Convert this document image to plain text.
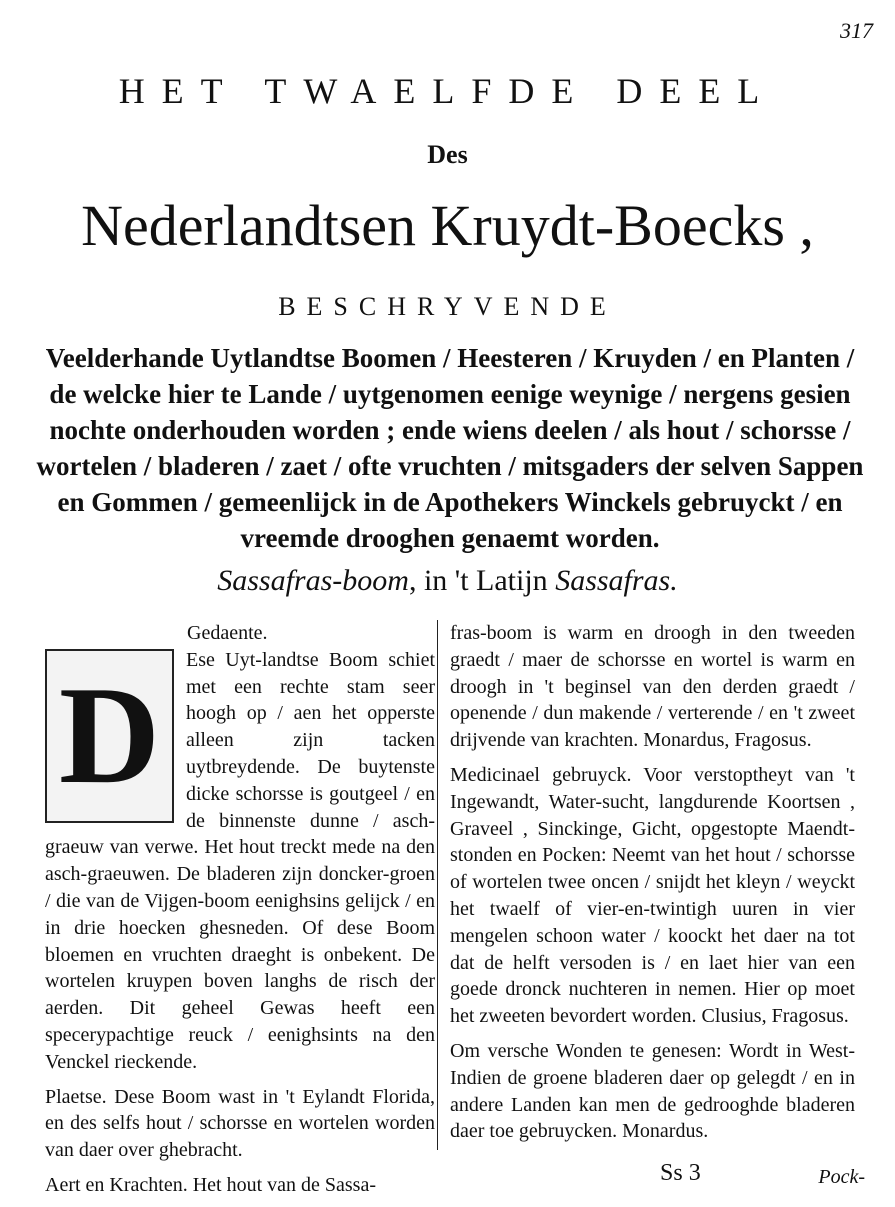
317
HET TWAELFDE DEEL
Des
Nederlandtsen Kruydt-Boecks ,
BESCHRYVENDE
Veelderhande Uytlandtse Boomen / Heesteren / Kruyden / en Planten / de welcke hier te Lande / uytgenomen eenige weynige / nergens gesien nochte onderhouden worden ; ende wiens deelen / als hout / schorsse / wortelen / bladeren / zaet / ofte vruchten / mitsgaders der selven Sappen en Gommen / gemeenlijck in de Apothekers Winckels gebruyckt / en vreemde drooghen genaemt worden.
Sassafras-boom, in 't Latijn Sassafras.
Gedaente.
D	Ese Uyt-landtse Boom schiet met een rechte stam seer hoogh op / aen het opperste alleen zijn tacken uytbreydende. De buytenste dicke schorsse is goutgeel / en de binnenste dunne / asch-graeuw van verwe. Het hout treckt mede na den asch-graeuwen. De bladeren zijn doncker-groen / die van de Vijgen-boom eenighsins gelijck / en in drie hoecken ghesneden. Of dese Boom bloemen en vruchten draeght is onbekent. De wortelen kruypen boven langhs de risch der aerden. Dit geheel Gewas heeft een specerypachtige reuck / eenighsints na den Venckel rieckende.

Plaetse. Dese Boom wast in 't Eylandt Florida, en des selfs hout / schorsse en wortelen worden van daer over ghebracht.

Aert en Krachten. Het hout van de Sassa-

fras-boom is warm en droogh in den tweeden graedt / maer de schorsse en wortel is warm en droogh in 't beginsel van den derden graedt / openende / dun makende / verterende / en 't zweet drijvende van krachten. Monardus, Fragosus.

Medicinael gebruyck. Voor verstoptheyt van 't Ingewandt, Water-sucht, langdurende Koortsen , Graveel , Sinckinge, Gicht, opgestopte Maendt-stonden en Pocken: Neemt van het hout / schorsse of wortelen twee oncen / snijdt het kleyn / weyckt het twaelf of vier-en-twintigh uuren in vier mengelen schoon water / koockt het daer na tot dat de helft versoden is / en laet hier van een goede dronck nuchteren in nemen. Hier op moet het zweeten bevordert worden. Clusius, Fragosus.

Om versche Wonden te genesen: Wordt in West-Indien de groene bladeren daer op gelegdt / en in andere Landen kan men de gedrooghde bladeren daer toe gebruycken. Monardus.

Ss 3	Pock-
